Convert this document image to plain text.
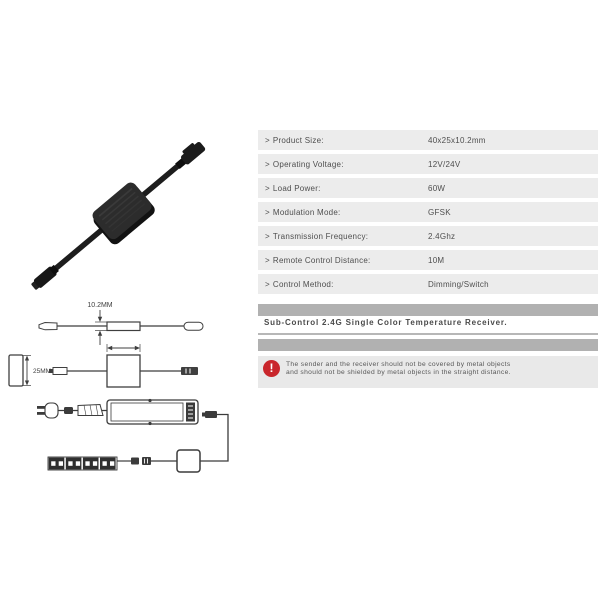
10.2MM
25MM
> Product Size:	40x25x10.2mm
> Operating Voltage:	12V/24V
> Load Power:	60W
> Modulation Mode:	GFSK
> Transmission Frequency:	2.4Ghz
> Remote Control Distance:	10M
> Control Method:	Dimming/Switch
Sub-Control 2.4G Single Color Temperature Receiver.
! The sender and the receiver should not be covered by metal objects
and should not be shielded by metal objects in the straight distance.
